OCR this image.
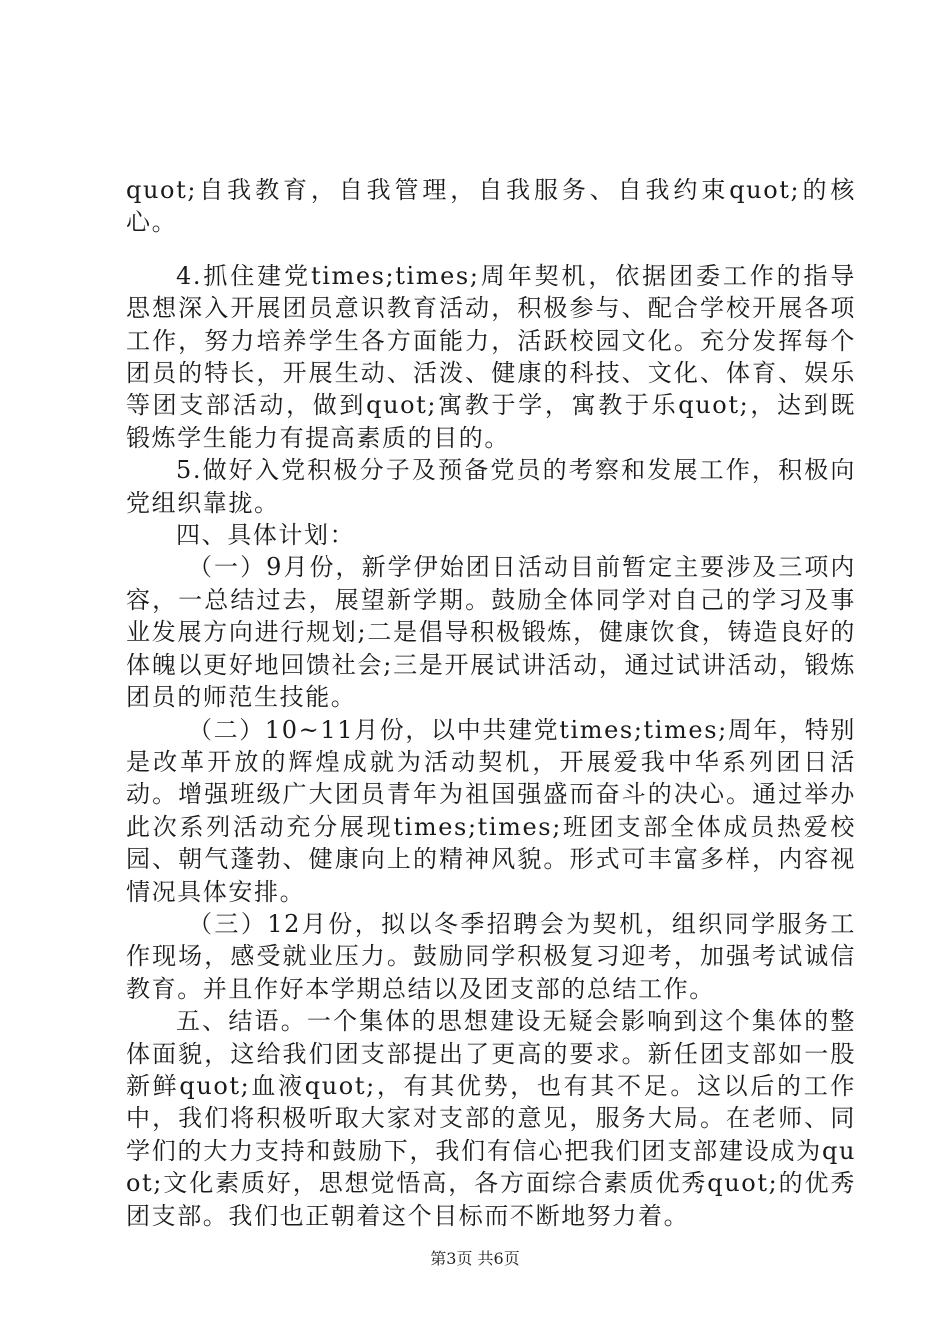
quot;自我教育，自我管理，自我服务、自我约束quot;的核心。

4.抓住建党times;times;周年契机，依据团委工作的指导思想深入开展团员意识教育活动，积极参与、配合学校开展各项工作，努力培养学生各方面能力，活跃校园文化。充分发挥每个团员的特长，开展生动、活泼、健康的科技、文化、体育、娱乐等团支部活动，做到quot;寓教于学，寓教于乐quot;，达到既锻炼学生能力有提高素质的目的。

5.做好入党积极分子及预备党员的考察和发展工作，积极向党组织靠拢。

四、具体计划：

（一）9月份，新学伊始团日活动目前暂定主要涉及三项内容，一总结过去，展望新学期。鼓励全体同学对自己的学习及事业发展方向进行规划;二是倡导积极锻炼，健康饮食，铸造良好的体魄以更好地回馈社会;三是开展试讲活动，通过试讲活动，锻炼团员的师范生技能。

（二）10~11月份，以中共建党times;times;周年，特别是改革开放的辉煌成就为活动契机，开展爱我中华系列团日活动。增强班级广大团员青年为祖国强盛而奋斗的决心。通过举办此次系列活动充分展现times;times;班团支部全体成员热爱校园、朝气蓬勃、健康向上的精神风貌。形式可丰富多样，内容视情况具体安排。

（三）12月份，拟以冬季招聘会为契机，组织同学服务工作现场，感受就业压力。鼓励同学积极复习迎考，加强考试诚信教育。并且作好本学期总结以及团支部的总结工作。

五、结语。一个集体的思想建设无疑会影响到这个集体的整体面貌，这给我们团支部提出了更高的要求。新任团支部如一股新鲜quot;血液quot;，有其优势，也有其不足。这以后的工作中，我们将积极听取大家对支部的意见，服务大局。在老师、同学们的大力支持和鼓励下，我们有信心把我们团支部建设成为quot;文化素质好，思想觉悟高，各方面综合素质优秀quot;的优秀团支部。我们也正朝着这个目标而不断地努力着。

第3页 共6页
